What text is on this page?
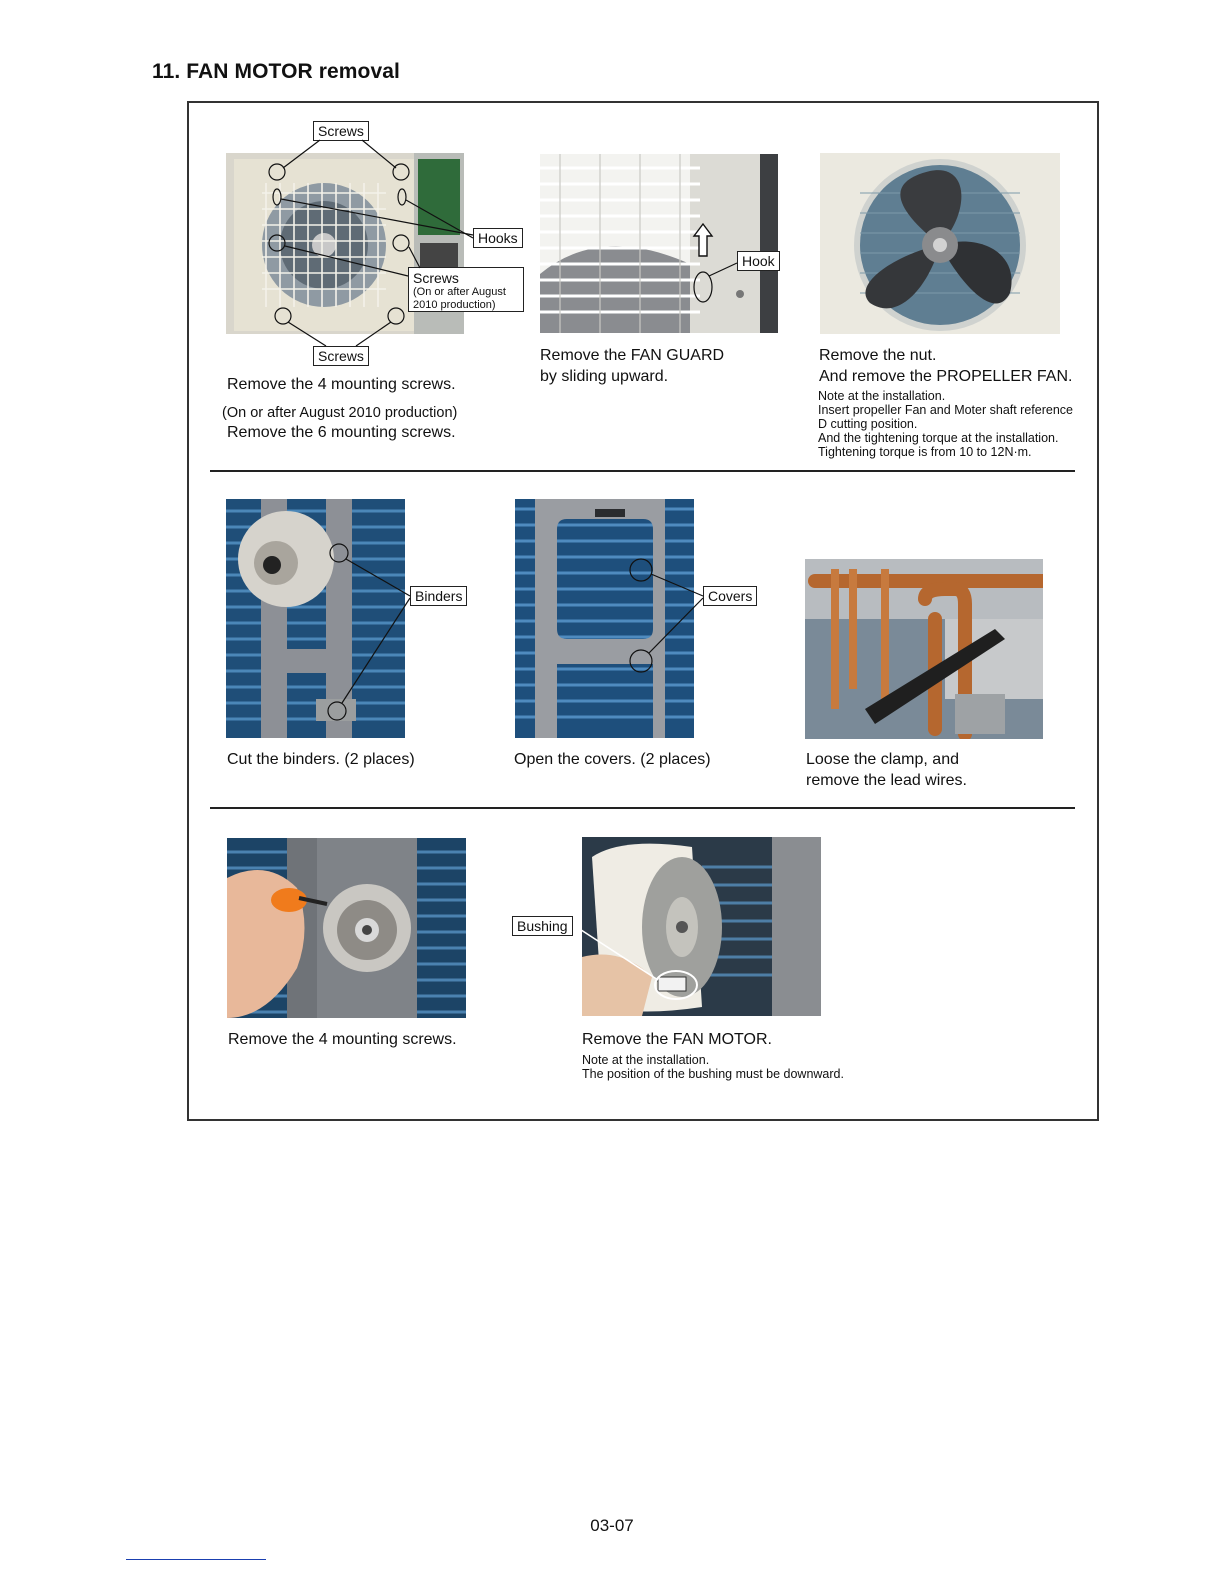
11. FAN MOTOR removal
Screws
Hooks
Screws
(On or after August
2010 production)
Screws
Remove the 4 mounting screws.
(On or after August 2010 production)
Remove the 6 mounting screws.
Hook
Remove the FAN GUARD
by sliding upward.
Remove the nut.
And remove the PROPELLER FAN.
Note at the installation.
Insert propeller Fan and Moter shaft reference
D cutting position.
And the tightening torque at the installation.
Tightening torque is from 10 to 12N·m.
Binders
Cut the binders. (2 places)
Covers
Open the covers. (2 places)	Loose the clamp, and
remove the lead wires.
Remove the 4 mounting screws.
Bushing
Remove the FAN MOTOR.
Note at the installation.
The position of the bushing must be downward.
03-07
